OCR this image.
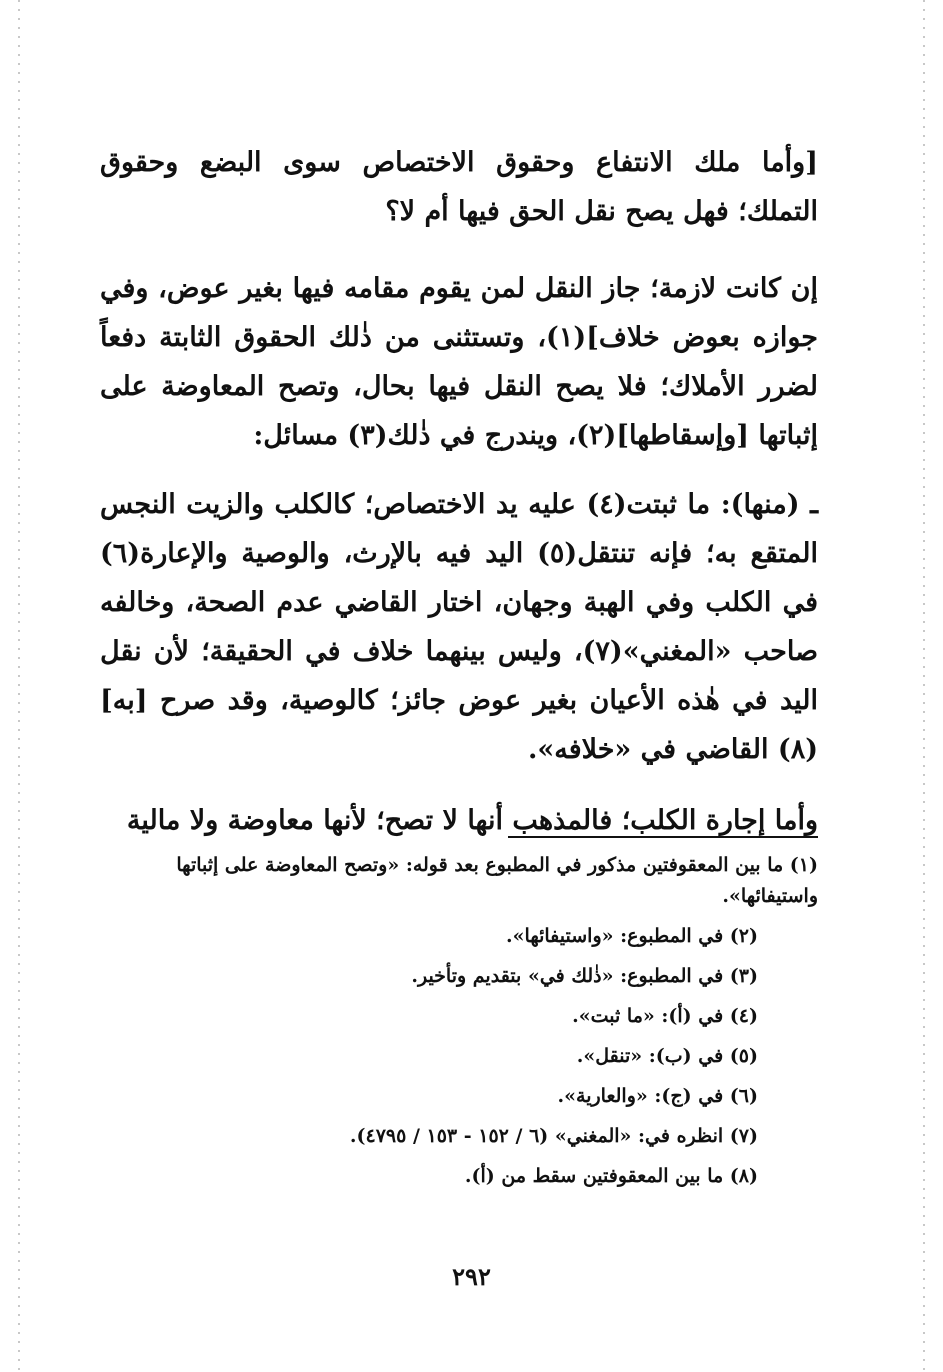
[وأما ملك الانتفاع وحقوق الاختصاص سوى البضع وحقوق التملك؛ فهل يصح نقل الحق فيها أم لا؟

إن كانت لازمة؛ جاز النقل لمن يقوم مقامه فيها بغير عوض، وفي جوازه بعوض خلاف](١)، وتستثنى من ذٰلك الحقوق الثابتة دفعاً لضرر الأملاك؛ فلا يصح النقل فيها بحال، وتصح المعاوضة على إثباتها [وإسقاطها](٢)، ويندرج في ذٰلك(٣) مسائل:

ـ (منها): ما ثبتت(٤) عليه يد الاختصاص؛ كالكلب والزيت النجس المتقع به؛ فإنه تنتقل(٥) اليد فيه بالإرث، والوصية والإعارة(٦) في الكلب وفي الهبة وجهان، اختار القاضي عدم الصحة، وخالفه صاحب «المغني»(٧)، وليس بينهما خلاف في الحقيقة؛ لأن نقل اليد في هٰذه الأعيان بغير عوض جائز؛ كالوصية، وقد صرح [به](٨) القاضي في «خلافه».

وأما إجارة الكلب؛ فالمذهب أنها لا تصح؛ لأنها معاوضة ولا مالية

(١) ما بين المعقوفتين مذكور في المطبوع بعد قوله: «وتصح المعاوضة على إثباتها واستيفائها».

(٢) في المطبوع: «واستيفائها».

(٣) في المطبوع: «ذٰلك في» بتقديم وتأخير.

(٤) في (أ): «ما ثبت».

(٥) في (ب): «تنقل».

(٦) في (ج): «والعارية».

(٧) انظره في: «المغني» (٦ / ١٥٢ - ١٥٣ / ٤٧٩٥).

(٨) ما بين المعقوفتين سقط من (أ).

٢٩٢
